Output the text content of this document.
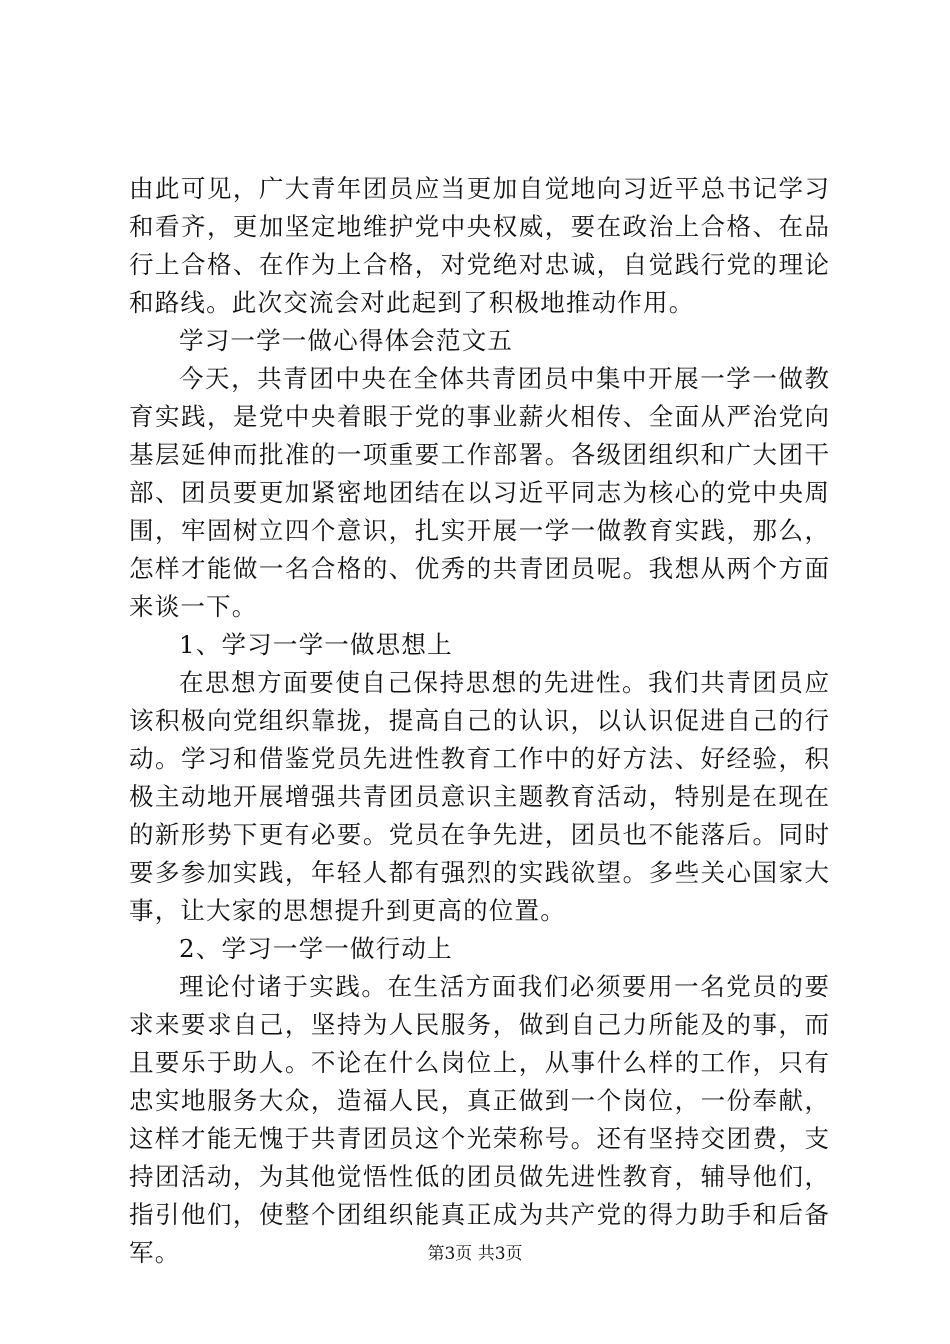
由此可见，广大青年团员应当更加自觉地向习近平总书记学习
和看齐，更加坚定地维护党中央权威，要在政治上合格、在品
行上合格、在作为上合格，对党绝对忠诚，自觉践行党的理论
和路线。此次交流会对此起到了积极地推动作用。
学习一学一做心得体会范文五
今天，共青团中央在全体共青团员中集中开展一学一做教
育实践，是党中央着眼于党的事业薪火相传、全面从严治党向
基层延伸而批准的一项重要工作部署。各级团组织和广大团干
部、团员要更加紧密地团结在以习近平同志为核心的党中央周
围，牢固树立四个意识，扎实开展一学一做教育实践，那么，
怎样才能做一名合格的、优秀的共青团员呢。我想从两个方面
来谈一下。
1、学习一学一做思想上
在思想方面要使自己保持思想的先进性。我们共青团员应
该积极向党组织靠拢，提高自己的认识，以认识促进自己的行
动。学习和借鉴党员先进性教育工作中的好方法、好经验，积
极主动地开展增强共青团员意识主题教育活动，特别是在现在
的新形势下更有必要。党员在争先进，团员也不能落后。同时
要多参加实践，年轻人都有强烈的实践欲望。多些关心国家大
事，让大家的思想提升到更高的位置。
2、学习一学一做行动上
理论付诸于实践。在生活方面我们必须要用一名党员的要
求来要求自己，坚持为人民服务，做到自己力所能及的事，而
且要乐于助人。不论在什么岗位上，从事什么样的工作，只有
忠实地服务大众，造福人民，真正做到一个岗位，一份奉献，
这样才能无愧于共青团员这个光荣称号。还有坚持交团费，支
持团活动，为其他觉悟性低的团员做先进性教育，辅导他们，
指引他们，使整个团组织能真正成为共产党的得力助手和后备
军。	第3页 共3页
